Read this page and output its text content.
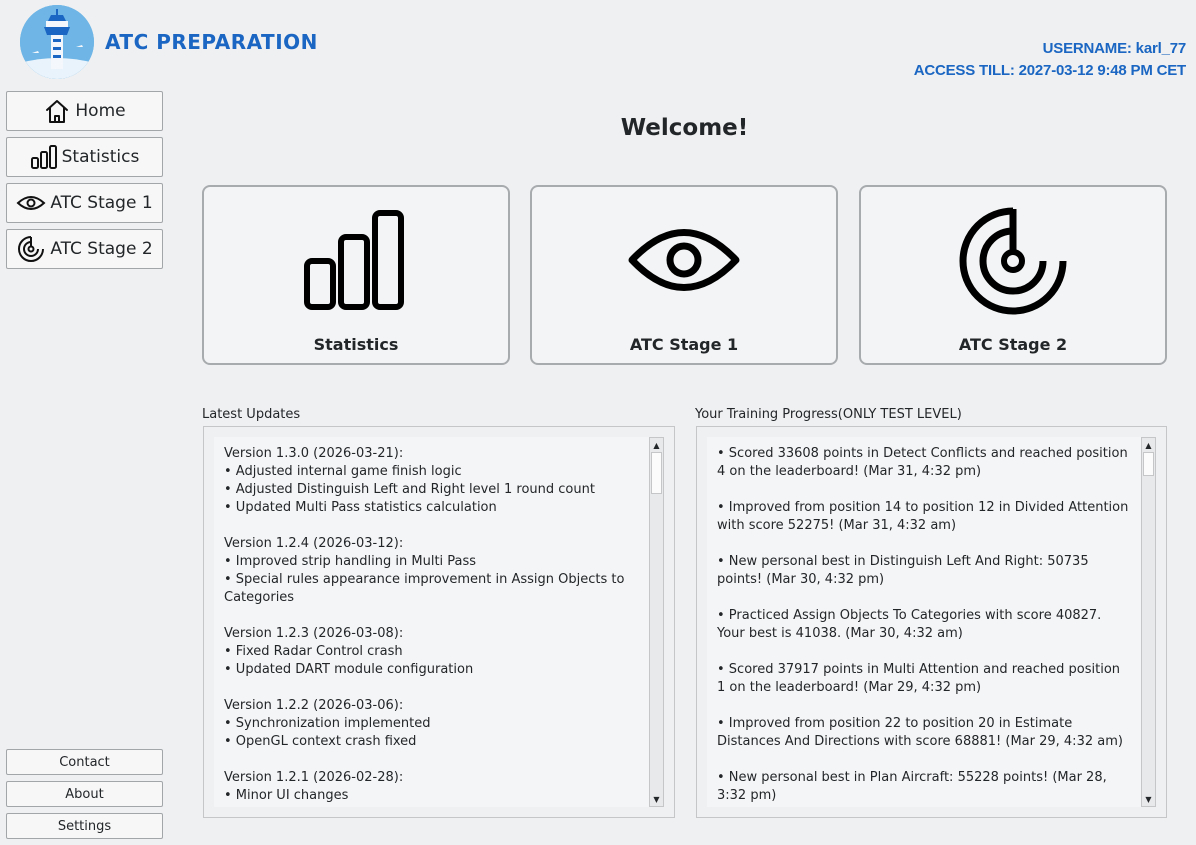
ATC PREPARATION	USERNAME: karl_77
ACCESS TILL: 2027-03-12 9:48 PM CET
Home
Statistics
ATC Stage 1
ATC Stage 2
Contact
About
Settings
Welcome!
Statistics	ATC Stage 1	ATC Stage 2
Latest Updates
Version 1.3.0 (2026-03-21):
• Adjusted internal game finish logic
• Adjusted Distinguish Left and Right level 1 round count
• Updated Multi Pass statistics calculation

Version 1.2.4 (2026-03-12):
• Improved strip handling in Multi Pass
• Special rules appearance improvement in Assign Objects to Categories

Version 1.2.3 (2026-03-08):
• Fixed Radar Control crash
• Updated DART module configuration

Version 1.2.2 (2026-03-06):
• Synchronization implemented
• OpenGL context crash fixed

Version 1.2.1 (2026-02-28):
• Minor UI changes
▲
▼
Your Training Progress(ONLY TEST LEVEL)
• Scored 33608 points in Detect Conflicts and reached position 4 on the leaderboard! (Mar 31, 4:32 pm)

• Improved from position 14 to position 12 in Divided Attention with score 52275! (Mar 31, 4:32 am)

• New personal best in Distinguish Left And Right: 50735 points! (Mar 30, 4:32 pm)

• Practiced Assign Objects To Categories with score 40827. Your best is 41038. (Mar 30, 4:32 am)

• Scored 37917 points in Multi Attention and reached position 1 on the leaderboard! (Mar 29, 4:32 pm)

• Improved from position 22 to position 20 in Estimate Distances And Directions with score 68881! (Mar 29, 4:32 am)

• New personal best in Plan Aircraft: 55228 points! (Mar 28, 3:32 pm)
▲
▼
